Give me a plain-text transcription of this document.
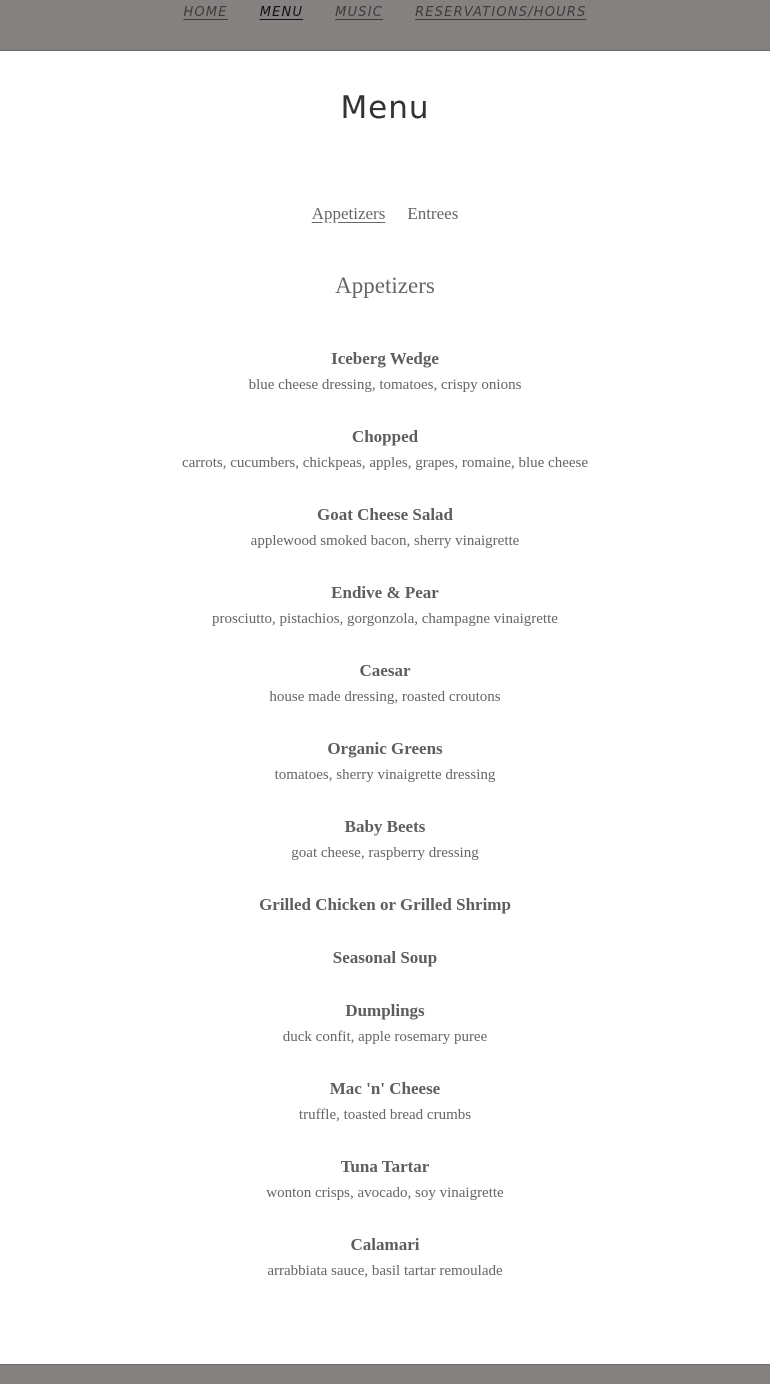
HOME MENU MUSIC RESERVATIONS/HOURS
Menu
Appetizers Entrees
Appetizers
Iceberg Wedge
blue cheese dressing, tomatoes, crispy onions
Chopped
carrots, cucumbers, chickpeas, apples, grapes, romaine, blue cheese
Goat Cheese Salad
applewood smoked bacon, sherry vinaigrette
Endive & Pear
prosciutto, pistachios, gorgonzola, champagne vinaigrette
Caesar
house made dressing, roasted croutons
Organic Greens
tomatoes, sherry vinaigrette dressing
Baby Beets
goat cheese, raspberry dressing
Grilled Chicken or Grilled Shrimp
Seasonal Soup
Dumplings
duck confit, apple rosemary puree
Mac 'n' Cheese
truffle, toasted bread crumbs
Tuna Tartar
wonton crisps, avocado, soy vinaigrette
Calamari
arrabbiata sauce, basil tartar remoulade
